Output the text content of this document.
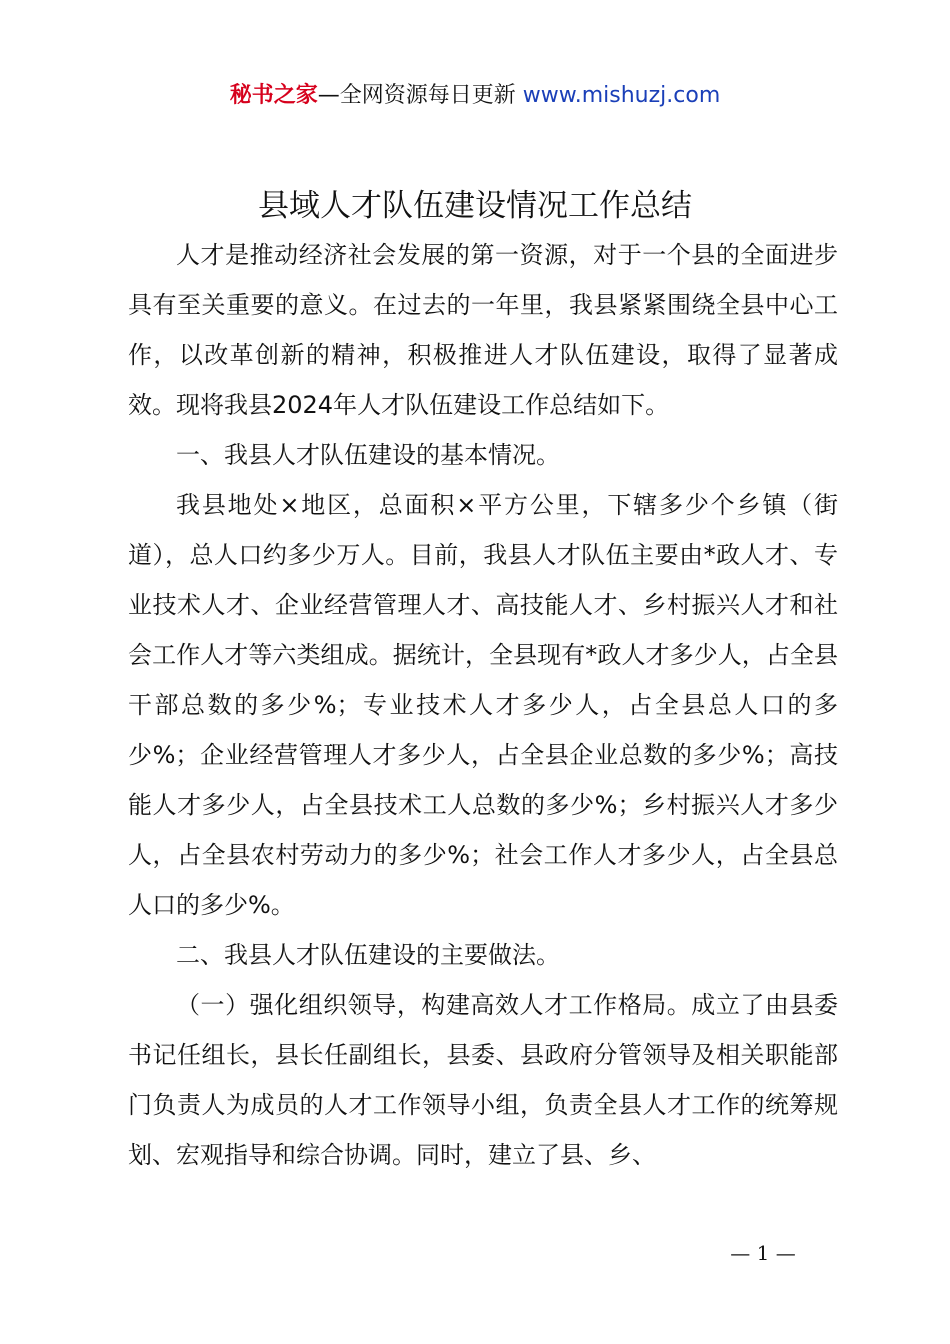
秘书之家—全网资源每日更新 www.mishuzj.com
县域人才队伍建设情况工作总结

人才是推动经济社会发展的第一资源，对于一个县的全面进步具有至关重要的意义。在过去的一年里，我县紧紧围绕全县中心工作，以改革创新的精神，积极推进人才队伍建设，取得了显著成效。现将我县2024年人才队伍建设工作总结如下。

一、我县人才队伍建设的基本情况。

我县地处×地区，总面积×平方公里，下辖多少个乡镇（街道），总人口约多少万人。目前，我县人才队伍主要由*政人才、专业技术人才、企业经营管理人才、高技能人才、乡村振兴人才和社会工作人才等六类组成。据统计，全县现有*政人才多少人，占全县干部总数的多少%；专业技术人才多少人，占全县总人口的多少%；企业经营管理人才多少人，占全县企业总数的多少%；高技能人才多少人，占全县技术工人总数的多少%；乡村振兴人才多少人，占全县农村劳动力的多少%；社会工作人才多少人，占全县总人口的多少%。

二、我县人才队伍建设的主要做法。

（一）强化组织领导，构建高效人才工作格局。成立了由县委书记任组长，县长任副组长，县委、县政府分管领导及相关职能部门负责人为成员的人才工作领导小组，负责全县人才工作的统筹规划、宏观指导和综合协调。同时，建立了县、乡、

— 1 —
